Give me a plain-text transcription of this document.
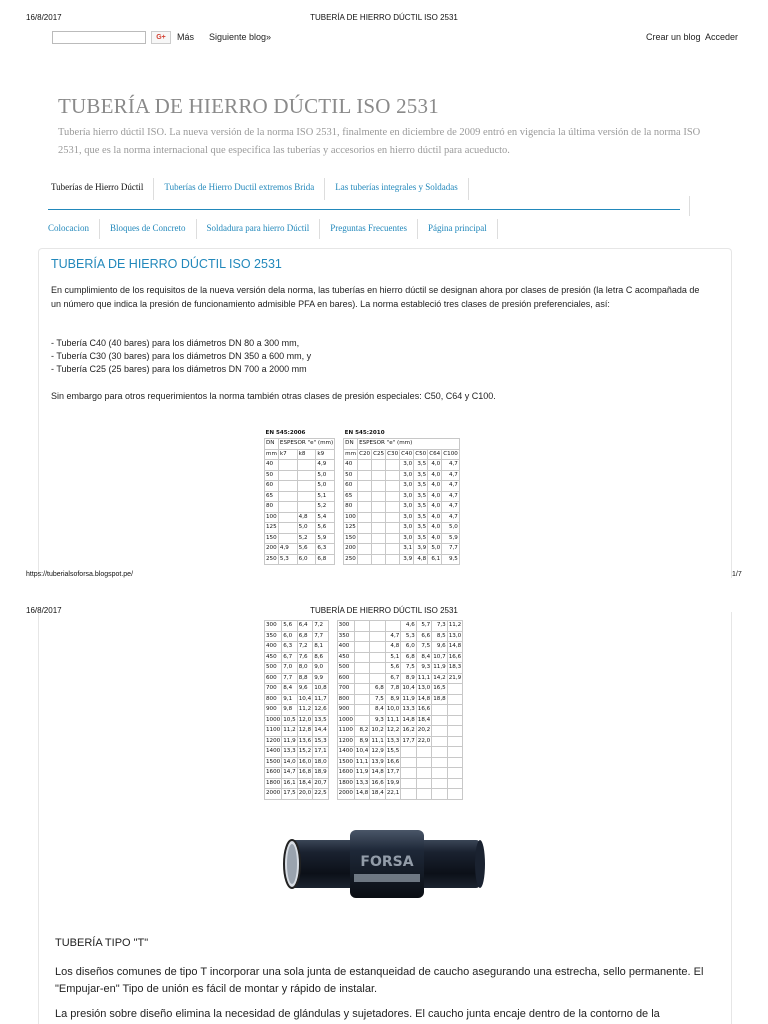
16/8/2017	TUBERÍA DE HIERRO DÚCTIL ISO 2531
G+	Más Siguiente blog»	Crear un blog Acceder
TUBERÍA DE HIERRO DÚCTIL ISO 2531
Tubería hierro dúctil ISO. La nueva versión de la norma ISO 2531, finalmente en diciembre de 2009 entró en vigencia la última versión de la norma ISO 2531, que es la norma internacional que especifica las tuberías y accesorios en hierro dúctil para acueducto.
Tuberías de Hierro Dúctil	Tuberías de Hierro Ductil extremos Brida	Las tuberías integrales y Soldadas
Colocacion	Bloques de Concreto	Soldadura para hierro Dúctil	Preguntas Frecuentes	Página principal
TUBERÍA DE HIERRO DÚCTIL ISO 2531
En cumplimiento de los requisitos de la nueva versión dela norma, las tuberías en hierro dúctil se designan ahora por clases de presión (la letra C acompañada de un número que indica la presión de funcionamiento admisible PFA en bares). La norma estableció tres clases de presión preferenciales, así:
- Tubería C40 (40 bares) para los diámetros DN 80 a 300 mm,
- Tubería C30 (30 bares) para los diámetros DN 350 a 600 mm, y
- Tubería C25 (25 bares) para los diámetros DN 700 a 2000 mm
Sin embargo para otros requerimientos la norma también otras clases de presión especiales: C50, C64 y C100.
EN 545:2006					EN 545:2010							
DN	ESPESOR "e" (mm)				DN	ESPESOR "e" (mm)						
mm	k7	k8	k9		mm	C20	C25	C30	C40	C50	C64	C100
40			4,9		40				3,0	3,5	4,0	4,7
50			5,0		50				3,0	3,5	4,0	4,7
60			5,0		60				3,0	3,5	4,0	4,7
65			5,1		65				3,0	3,5	4,0	4,7
80			5,2		80				3,0	3,5	4,0	4,7
100		4,8	5,4		100				3,0	3,5	4,0	4,7
125		5,0	5,6		125				3,0	3,5	4,0	5,0
150		5,2	5,9		150				3,0	3,5	4,0	5,9
200	4,9	5,6	6,3		200				3,1	3,9	5,0	7,7
250	5,3	6,0	6,8		250				3,9	4,8	6,1	9,5
https://tuberialsoforsa.blogspot.pe/	1/7
16/8/2017	TUBERÍA DE HIERRO DÚCTIL ISO 2531
300	5,6	6,4	7,2		300				4,6	5,7	7,3	11,2
350	6,0	6,8	7,7		350			4,7	5,3	6,6	8,5	13,0
400	6,3	7,2	8,1		400			4,8	6,0	7,5	9,6	14,8
450	6,7	7,6	8,6		450			5,1	6,8	8,4	10,7	16,6
500	7,0	8,0	9,0		500			5,6	7,5	9,3	11,9	18,3
600	7,7	8,8	9,9		600			6,7	8,9	11,1	14,2	21,9
700	8,4	9,6	10,8		700		6,8	7,8	10,4	13,0	16,5	
800	9,1	10,4	11,7		800		7,5	8,9	11,9	14,8	18,8	
900	9,8	11,2	12,6		900		8,4	10,0	13,3	16,6		
1000	10,5	12,0	13,5		1000		9,3	11,1	14,8	18,4		
1100	11,2	12,8	14,4		1100	8,2	10,2	12,2	16,2	20,2		
1200	11,9	13,6	15,3		1200	8,9	11,1	13,3	17,7	22,0		
1400	13,3	15,2	17,1		1400	10,4	12,9	15,5				
1500	14,0	16,0	18,0		1500	11,1	13,9	16,6				
1600	14,7	16,8	18,9		1600	11,9	14,8	17,7				
1800	16,1	18,4	20,7		1800	13,3	16,6	19,9				
2000	17,5	20,0	22,5		2000	14,8	18,4	22,1				
FORSA
TUBERÍA TIPO "T"
Los diseños comunes de tipo T incorporar una sola junta de estanqueidad de caucho asegurando una estrecha, sello permanente. El "Empujar-en" Tipo de unión es fácil de montar y rápido de instalar.
La presión sobre diseño elimina la necesidad de glándulas y sujetadores. El caucho junta encaje dentro de la contorno de la
